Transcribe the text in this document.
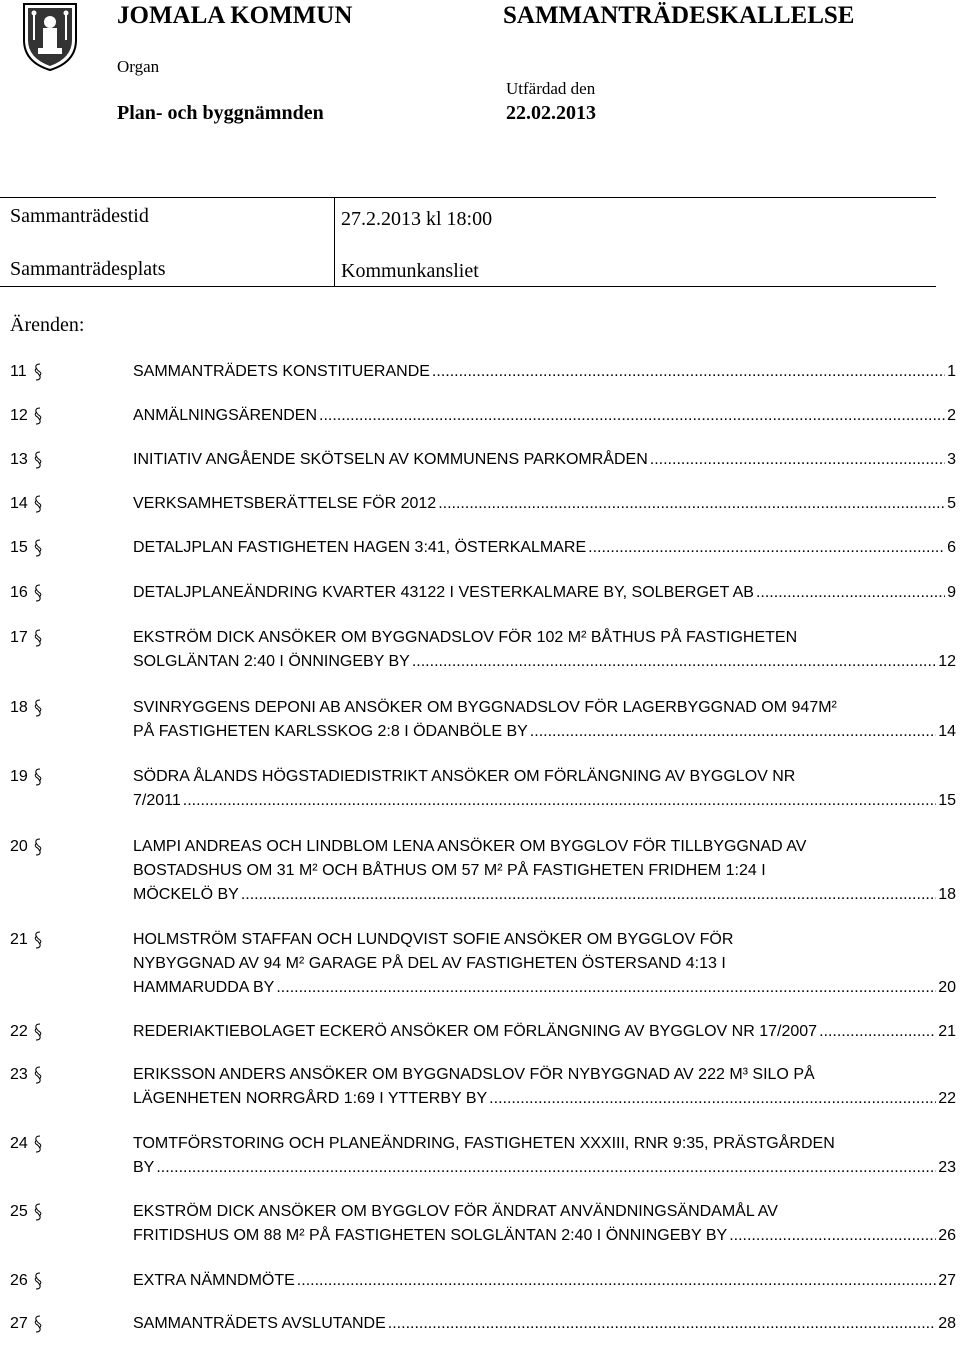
JOMALA KOMMUN	SAMMANTRÄDESKALLELSE
Organ
Utfärdad den
Plan- och byggnämnden	22.02.2013
Sammanträdestid	27.2.2013 kl 18:00
Sammanträdesplats	Kommunkansliet
Ärenden:
11	SAMMANTRÄDETS KONSTITUERANDE .....	1
12	ANMÄLNINGSÄRENDEN .....	2
13	INITIATIV ANGÅENDE SKÖTSELN AV KOMMUNENS PARKOMRÅDEN .....	3
14	VERKSAMHETSBERÄTTELSE FÖR 2012 .....	5
15	DETALJPLAN FASTIGHETEN HAGEN 3:41, ÖSTERKALMARE .....	6
16	DETALJPLANEÄNDRING KVARTER 43122 I VESTERKALMARE BY, SOLBERGET AB .....	9
17	EKSTRÖM DICK ANSÖKER OM BYGGNADSLOV FÖR 102 M² BÅTHUS PÅ FASTIGHETEN
SOLGLÄNTAN 2:40 I ÖNNINGEBY BY .....	12
18	SVINRYGGENS DEPONI AB ANSÖKER OM BYGGNADSLOV FÖR LAGERBYGGNAD OM 947M²
PÅ FASTIGHETEN KARLSSKOG 2:8 I ÖDANBÖLE BY .....	14
19	SÖDRA ÅLANDS HÖGSTADIEDISTRIKT ANSÖKER OM FÖRLÄNGNING AV BYGGLOV NR
7/2011 .....	15
20	LAMPI ANDREAS OCH LINDBLOM LENA ANSÖKER OM BYGGLOV FÖR TILLBYGGNAD AV
BOSTADSHUS OM 31 M² OCH BÅTHUS OM 57 M² PÅ FASTIGHETEN FRIDHEM 1:24 I
MÖCKELÖ BY .....	18
21	HOLMSTRÖM STAFFAN OCH LUNDQVIST SOFIE ANSÖKER OM BYGGLOV FÖR
NYBYGGNAD AV 94 M² GARAGE PÅ DEL AV FASTIGHETEN ÖSTERSAND 4:13 I
HAMMARUDDA BY .....	20
22	REDERIAKTIEBOLAGET ECKERÖ ANSÖKER OM FÖRLÄNGNING AV BYGGLOV NR 17/2007 .....	21
23	ERIKSSON ANDERS ANSÖKER OM BYGGNADSLOV FÖR NYBYGGNAD AV 222 M³ SILO PÅ
LÄGENHETEN NORRGÅRD 1:69 I YTTERBY BY .....	22
24	TOMTFÖRSTORING OCH PLANEÄNDRING, FASTIGHETEN XXXIII, RNR 9:35, PRÄSTGÅRDEN
BY .....	23
25	EKSTRÖM DICK ANSÖKER OM BYGGLOV FÖR ÄNDRAT ANVÄNDNINGSÄNDAMÅL AV
FRITIDSHUS OM 88 M² PÅ FASTIGHETEN SOLGLÄNTAN 2:40 I ÖNNINGEBY BY .....	26
26	EXTRA NÄMNDMÖTE .....	27
27	SAMMANTRÄDETS AVSLUTANDE .....	28
